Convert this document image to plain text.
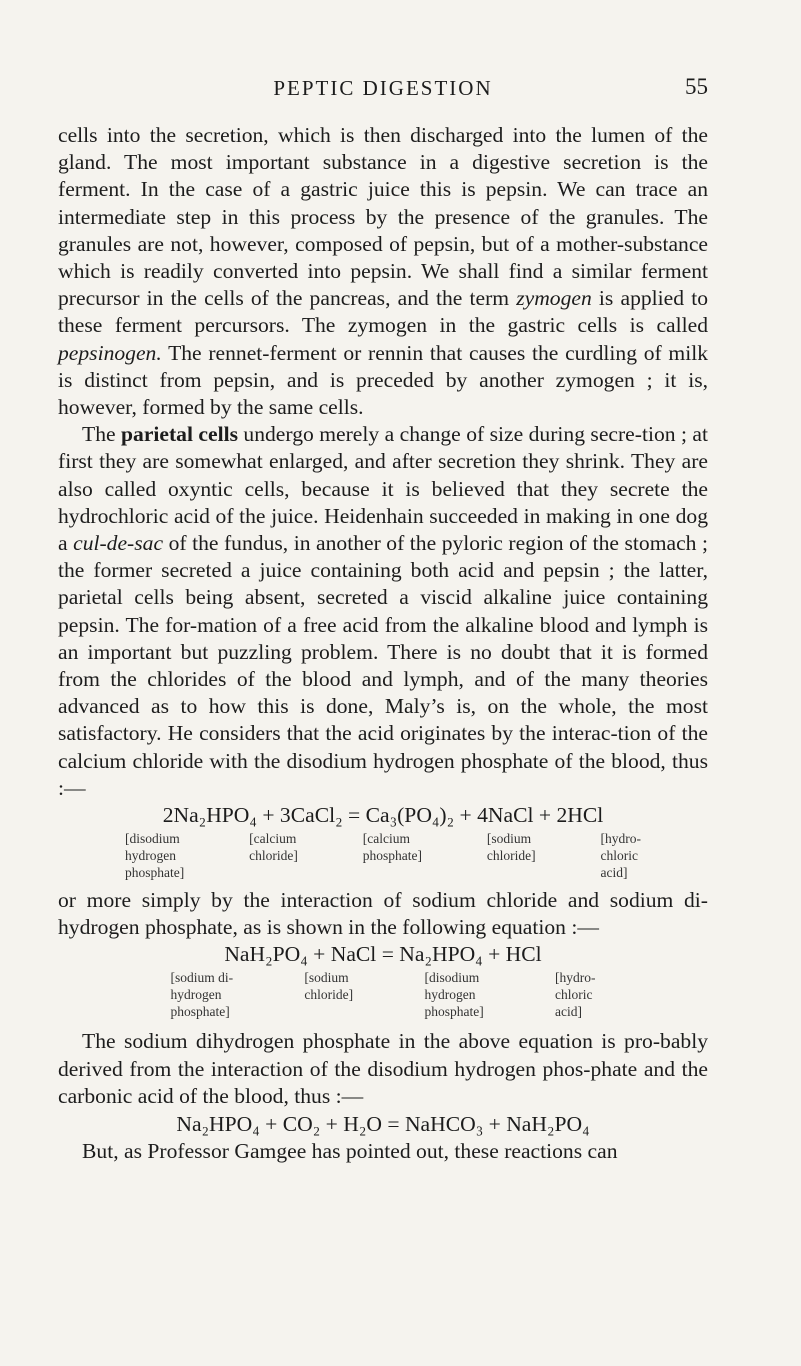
PEPTIC DIGESTION	55

cells into the secretion, which is then discharged into the lumen of the gland. The most important substance in a digestive secretion is the ferment. In the case of a gastric juice this is pepsin. We can trace an intermediate step in this process by the presence of the granules. The granules are not, however, composed of pepsin, but of a mother-substance which is readily converted into pepsin. We shall find a similar ferment precursor in the cells of the pancreas, and the term zymogen is applied to these ferment percursors. The zymogen in the gastric cells is called pepsinogen. The rennet-ferment or rennin that causes the curdling of milk is distinct from pepsin, and is preceded by another zymogen ; it is, however, formed by the same cells.

The parietal cells undergo merely a change of size during secre-tion ; at first they are somewhat enlarged, and after secretion they shrink. They are also called oxyntic cells, because it is believed that they secrete the hydrochloric acid of the juice. Heidenhain succeeded in making in one dog a cul-de-sac of the fundus, in another of the pyloric region of the stomach ; the former secreted a juice containing both acid and pepsin ; the latter, parietal cells being absent, secreted a viscid alkaline juice containing pepsin. The for-mation of a free acid from the alkaline blood and lymph is an important but puzzling problem. There is no doubt that it is formed from the chlorides of the blood and lymph, and of the many theories advanced as to how this is done, Maly’s is, on the whole, the most satisfactory. He considers that the acid originates by the interac-tion of the calcium chloride with the disodium hydrogen phosphate of the blood, thus :—

2Na₂HPO₄ + 3CaCl₂ = Ca₃(PO₄)₂ + 4NaCl + 2HCl
[disodium
hydrogen
phosphate]
[calcium
chloride]
[calcium
phosphate]
[sodium
chloride]
[hydro-
chloric
acid]

or more simply by the interaction of sodium chloride and sodium di-hydrogen phosphate, as is shown in the following equation :—

NaH₂PO₄ + NaCl = Na₂HPO₄ + HCl
[sodium di-
hydrogen
phosphate]
[sodium
chloride]
[disodium
hydrogen
phosphate]
[hydro-
chloric
acid]

The sodium dihydrogen phosphate in the above equation is pro-bably derived from the interaction of the disodium hydrogen phos-phate and the carbonic acid of the blood, thus :—

Na₂HPO₄ + CO₂ + H₂O = NaHCO₃ + NaH₂PO₄

But, as Professor Gamgee has pointed out, these reactions can
